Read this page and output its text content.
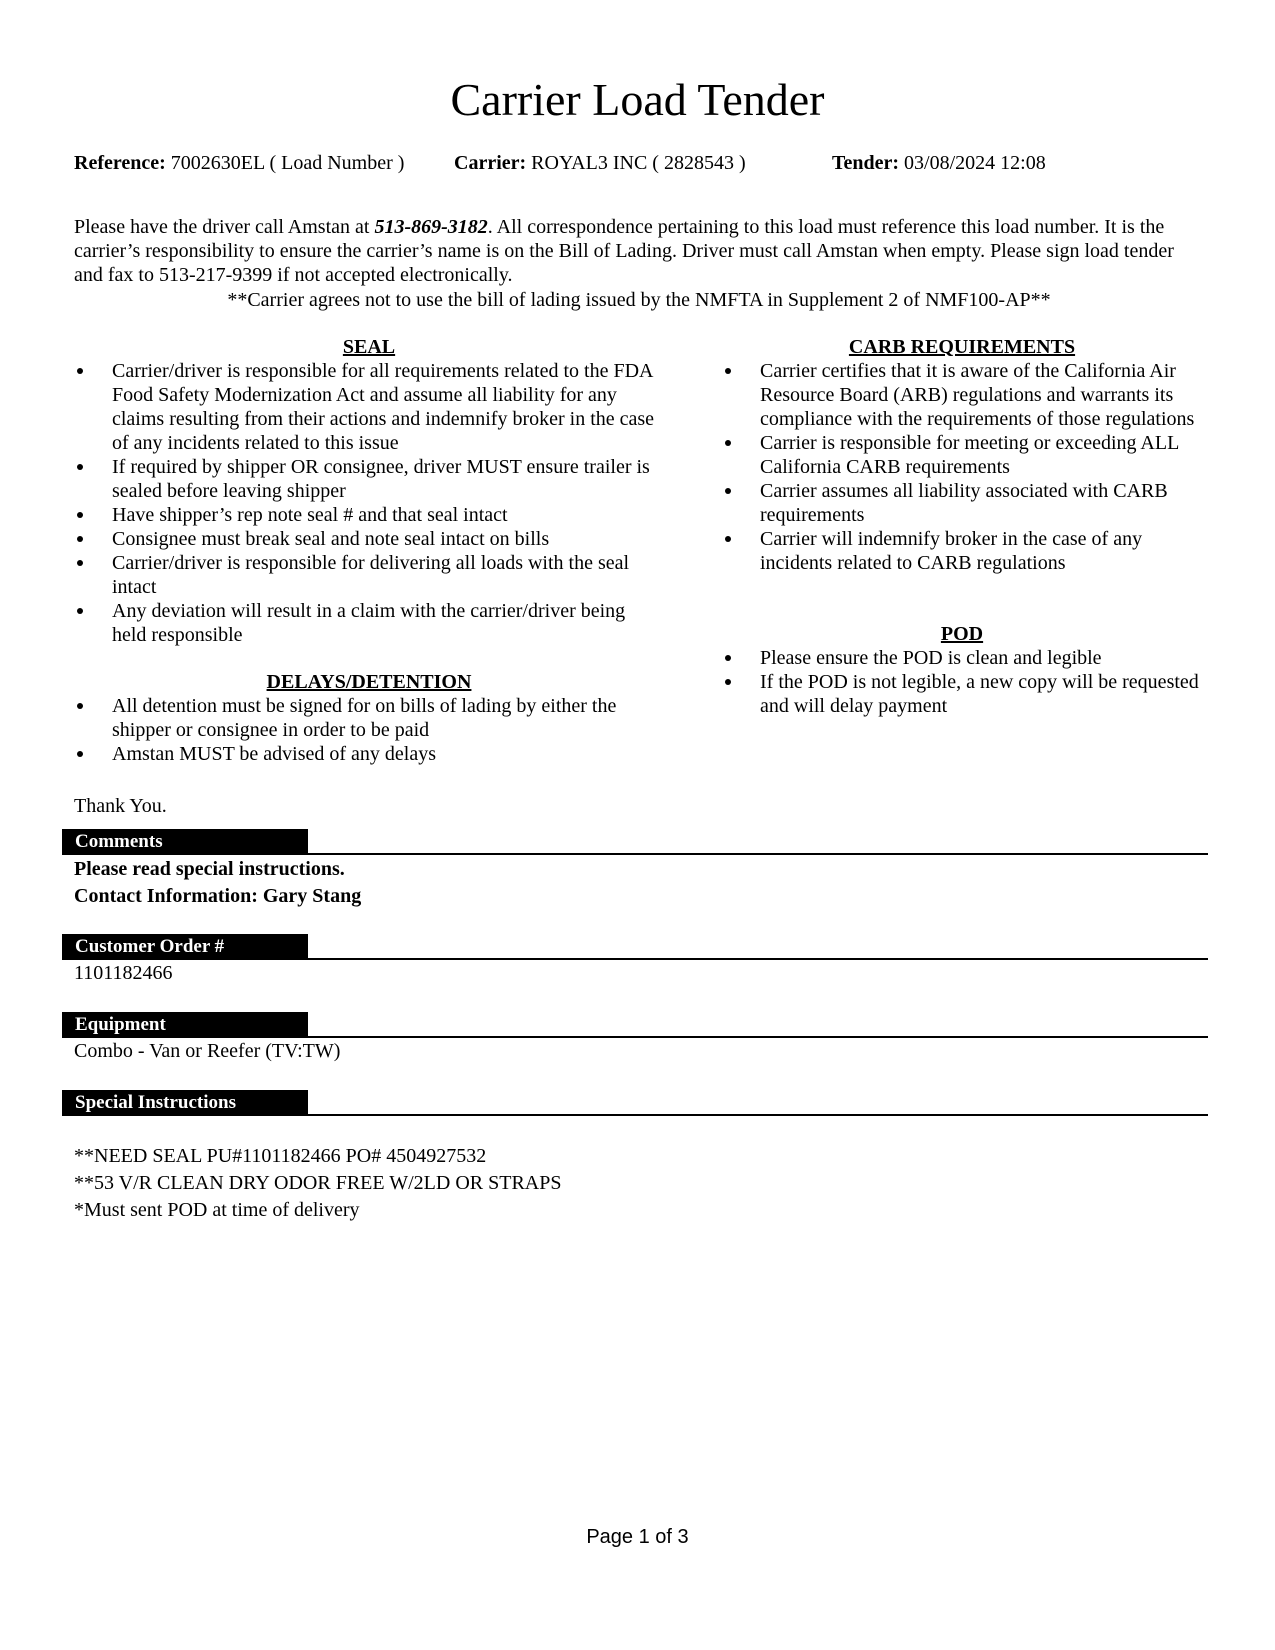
Carrier Load Tender
Reference: 7002630EL ( Load Number ) Carrier: ROYAL3 INC ( 2828543 )	Tender: 03/08/2024 12:08
Please have the driver call Amstan at 513-869-3182. All correspondence pertaining to this load must reference this load number. It is the carrier’s responsibility to ensure the carrier’s name is on the Bill of Lading. Driver must call Amstan when empty. Please sign load tender and fax to 513-217-9399 if not accepted electronically.
**Carrier agrees not to use the bill of lading issued by the NMFTA in Supplement 2 of NMF100-AP**
SEAL
Carrier/driver is responsible for all requirements related to the FDA Food Safety Modernization Act and assume all liability for any claims resulting from their actions and indemnify broker in the case of any incidents related to this issue
If required by shipper OR consignee, driver MUST ensure trailer is sealed before leaving shipper
Have shipper’s rep note seal # and that seal intact
Consignee must break seal and note seal intact on bills
Carrier/driver is responsible for delivering all loads with the seal intact
Any deviation will result in a claim with the carrier/driver being held responsible
DELAYS/DETENTION
All detention must be signed for on bills of lading by either the shipper or consignee in order to be paid
Amstan MUST be advised of any delays
CARB REQUIREMENTS
Carrier certifies that it is aware of the California Air Resource Board (ARB) regulations and warrants its compliance with the requirements of those regulations
Carrier is responsible for meeting or exceeding ALL California CARB requirements
Carrier assumes all liability associated with CARB requirements
Carrier will indemnify broker in the case of any incidents related to CARB regulations
POD
Please ensure the POD is clean and legible
If the POD is not legible, a new copy will be requested and will delay payment
Thank You.
Comments
Please read special instructions.
Contact Information: Gary Stang
Customer Order #
1101182466
Equipment
Combo - Van or Reefer (TV:TW)
Special Instructions
**NEED SEAL PU#1101182466 PO# 4504927532
**53 V/R CLEAN DRY ODOR FREE W/2LD OR STRAPS
*Must sent POD at time of delivery
Page 1 of 3
